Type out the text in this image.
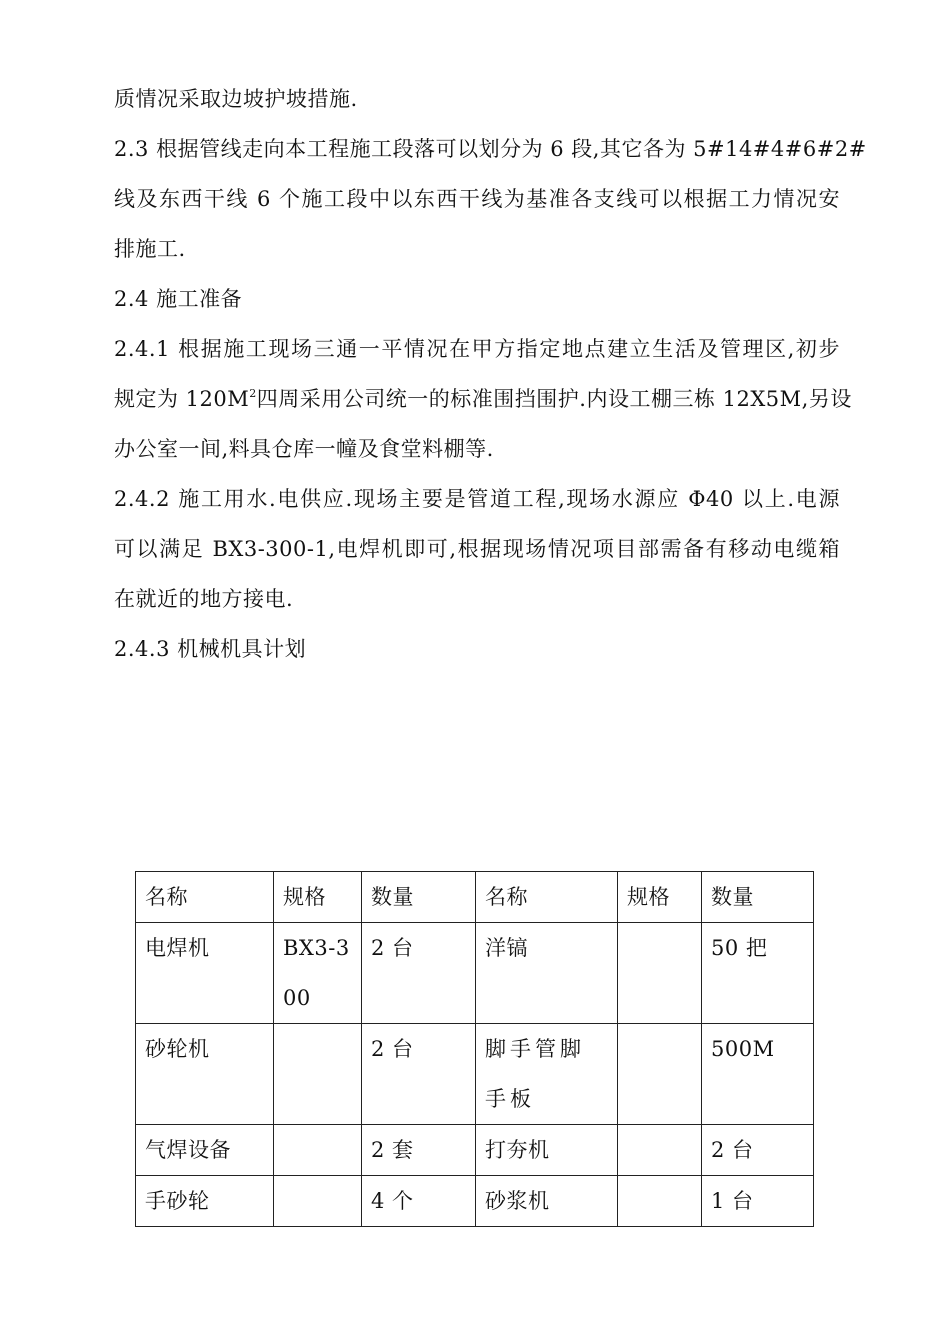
质情况采取边坡护坡措施.

2.3 根据管线走向本工程施工段落可以划分为 6 段,其它各为 5#14#4#6#2#
线及东西干线 6 个施工段中以东西干线为基准各支线可以根据工力情况安
排施工.

2.4 施工准备

2.4.1 根据施工现场三通一平情况在甲方指定地点建立生活及管理区,初步
规定为 $120M^2$四周采用公司统一的标准围挡围护.内设工棚三栋 12X5M,另设
办公室一间,料具仓库一幢及食堂料棚等.

2.4.2 施工用水.电供应.现场主要是管道工程,现场水源应 Φ40 以上.电源
可以满足 BX3-300-1,电焊机即可,根据现场情况项目部需备有移动电缆箱
在就近的地方接电.

2.4.3 机械机具计划

名称	规格	数量	名称	规格	数量
电焊机	BX3-300	2 台	洋镐		50 把
砂轮机		2 台	脚手管脚手板		500M
气焊设备		2 套	打夯机		2 台
手砂轮		4 个	砂浆机		1 台
